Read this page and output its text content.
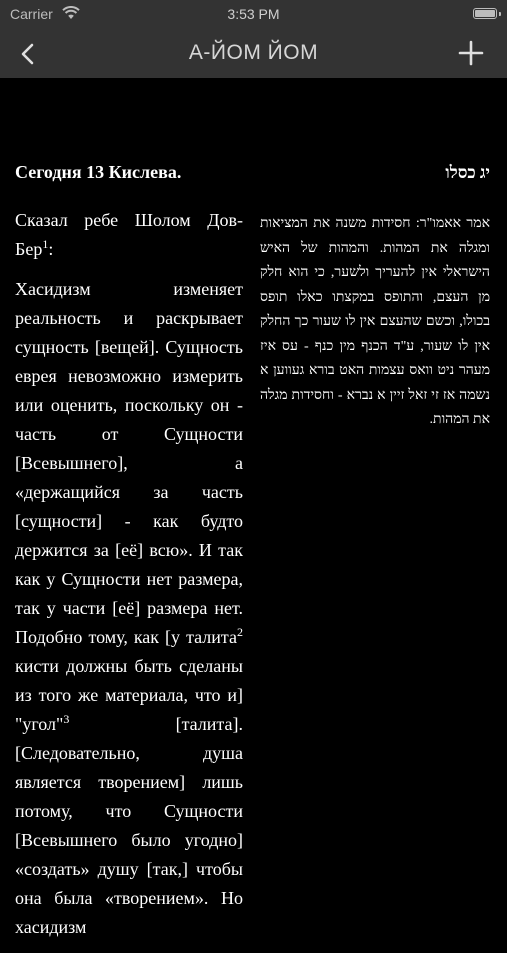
Carrier	3:53 PM
А-ЙОМ ЙОМ
Сегодня 13 Кислева.

Сказал ребе Шолом Дов-Бер$^1$:

Хасидизм изменяет реальность и раскрывает сущность [вещей]. Сущность еврея невозможно измерить или оценить, поскольку он - часть от Сущности [Всевышнего], а «держащийся за часть [сущности] - как будто держится за [её] всю». И так как у Сущности нет размера, так у части [её] размера нет. Подобно тому, как [у талита$^2$ кисти должны быть сделаны из того же материала, что и] "угол"$^3$ [талита]. [Следовательно, душа является творением] лишь потому, что Сущности [Всевышнего было угодно] «создать» душу [так,] чтобы она была «творением». Но хасидизм

יג כסלו

אמר אאמו"ר: חסידות משנה את המציאות ומגלה את המהות. והמהות של האיש הישראלי אין להעריך ולשער, כי הוא חלק מן העצם, והתופס במקצתו כאלו תופס בכולו, וכשם שהעצם אין לו שעור כך החלק אין לו שעור, ע"ד הכנף מין כנף - עס איז מעהר ניט וואס עצמות האט בורא געווען א נשמה אז זי זאל זיין א נברא - וחסידות מגלה את המהות.
